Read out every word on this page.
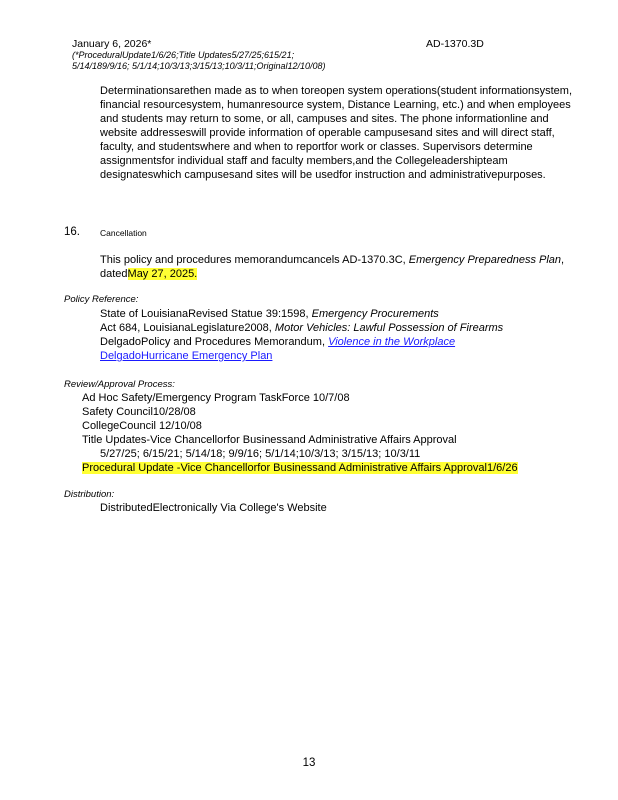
January 6, 2026*	AD-1370.3D
(*ProceduralUpdate1/6/26;Title Updates5/27/25;615/21;
5/14/189/9/16; 5/1/14;10/3/13;3/15/13;10/3/11;Original12/10/08)
Determinationsarethen made as to when toreopen system operations(student informationsystem, financial resourcesystem, humanresource system, Distance Learning, etc.) and when employees and students may return to some, or all, campuses and sites. The phone informationline and website addresseswill provide information of operable campusesand sites and will direct staff, faculty, and studentswhere and when to reportfor work or classes. Supervisors determine assignmentsfor individual staff and faculty members,and the Collegeleadershipteam designateswhich campusesand sites will be usedfor instruction and administrativepurposes.
16. Cancellation
This policy and procedures memorandumcancels AD-1370.3C, Emergency Preparedness Plan, datedMay 27, 2025.
Policy Reference:
State of LouisianaRevised Statue 39:1598, Emergency Procurements
Act 684, LouisianaLegislature2008, Motor Vehicles: Lawful Possession of Firearms
DelgadoPolicy and Procedures Memorandum, Violence in the Workplace
DelgadoHurricane Emergency Plan
Review/Approval Process:
Ad Hoc Safety/Emergency Program TaskForce 10/7/08
Safety Council10/28/08
CollegeCouncil 12/10/08
Title Updates-Vice Chancellorfor Businessand Administrative Affairs Approval
5/27/25; 6/15/21; 5/14/18; 9/9/16; 5/1/14;10/3/13; 3/15/13; 10/3/11
Procedural Update -Vice Chancellorfor Businessand Administrative Affairs Approval1/6/26
Distribution:
DistributedElectronically Via College's Website
13
